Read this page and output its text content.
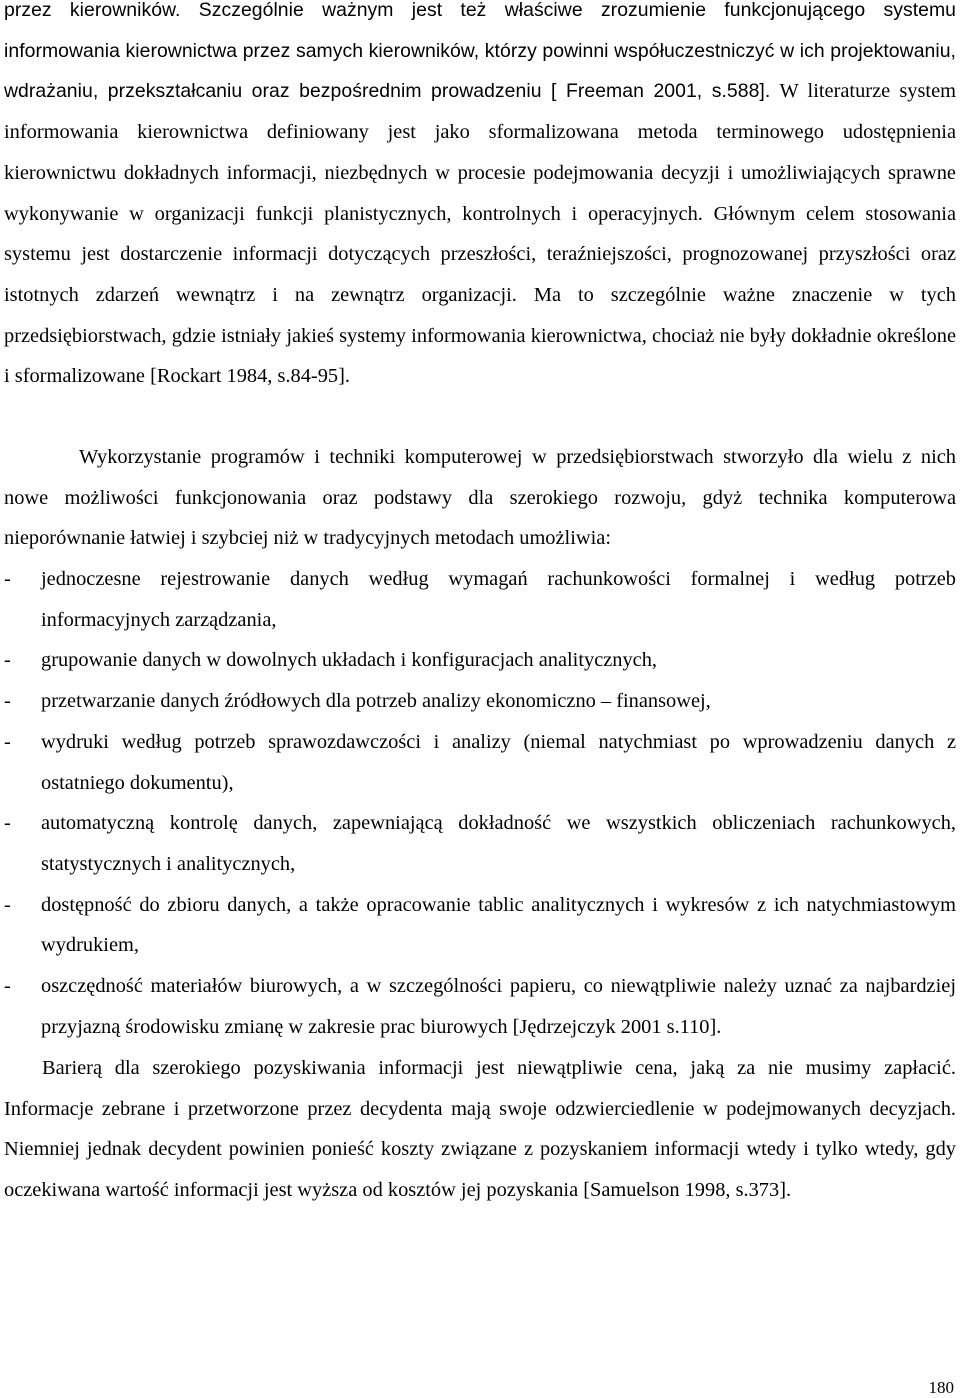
przez kierowników. Szczególnie ważnym jest też właściwe zrozumienie funkcjonującego systemu informowania kierownictwa przez samych kierowników, którzy powinni współuczestniczyć w ich projektowaniu, wdrażaniu, przekształcaniu oraz bezpośrednim prowadzeniu [ Freeman 2001, s.588]. W literaturze system informowania kierownictwa definiowany jest jako sformalizowana metoda terminowego udostępnienia kierownictwu dokładnych informacji, niezbędnych w procesie podejmowania decyzji i umożliwiających sprawne wykonywanie w organizacji funkcji planistycznych, kontrolnych i operacyjnych. Głównym celem stosowania systemu jest dostarczenie informacji dotyczących przeszłości, teraźniejszości, prognozowanej przyszłości oraz istotnych zdarzeń wewnątrz i na zewnątrz organizacji. Ma to szczególnie ważne znaczenie w tych przedsiębiorstwach, gdzie istniały jakieś systemy informowania kierownictwa, chociaż nie były dokładnie określone i sformalizowane [Rockart 1984, s.84-95].

Wykorzystanie programów i techniki komputerowej w przedsiębiorstwach stworzyło dla wielu z nich nowe możliwości funkcjonowania oraz podstawy dla szerokiego rozwoju, gdyż technika komputerowa nieporównanie łatwiej i szybciej niż w tradycyjnych metodach umożliwia:

- jednoczesne rejestrowanie danych według wymagań rachunkowości formalnej i według potrzeb informacyjnych zarządzania,
- grupowanie danych w dowolnych układach i konfiguracjach analitycznych,
- przetwarzanie danych źródłowych dla potrzeb analizy ekonomiczno – finansowej,
- wydruki według potrzeb sprawozdawczości i analizy (niemal natychmiast po wprowadzeniu danych z ostatniego dokumentu),
- automatyczną kontrolę danych, zapewniającą dokładność we wszystkich obliczeniach rachunkowych, statystycznych i analitycznych,
- dostępność do zbioru danych, a także opracowanie tablic analitycznych i wykresów z ich natychmiastowym wydrukiem,
- oszczędność materiałów biurowych, a w szczególności papieru, co niewątpliwie należy uznać za najbardziej przyjazną środowisku zmianę w zakresie prac biurowych [Jędrzejczyk 2001 s.110].

Barierą dla szerokiego pozyskiwania informacji jest niewątpliwie cena, jaką za nie musimy zapłacić. Informacje zebrane i przetworzone przez decydenta mają swoje odzwierciedlenie w podejmowanych decyzjach. Niemniej jednak decydent powinien ponieść koszty związane z pozyskaniem informacji wtedy i tylko wtedy, gdy oczekiwana wartość informacji jest wyższa od kosztów jej pozyskania [Samuelson 1998, s.373].

180
